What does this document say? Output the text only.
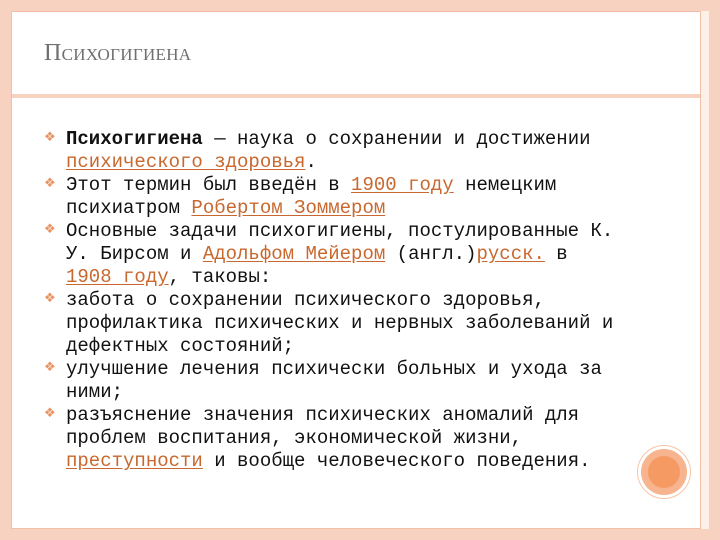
Психогигиена
❖ Психогигиена — наука о сохранении и достижении психического здоровья.
❖ Этот термин был введён в 1900 году немецким психиатром Робертом Зоммером
❖ Основные задачи психогигиены, постулированные К. У. Бирсом и Адольфом Мейером (англ.)русск. в 1908 году, таковы:
❖ забота о сохранении психического здоровья, профилактика психических и нервных заболеваний и дефектных состояний;
❖ улучшение лечения психически больных и ухода за ними;
❖ разъяснение значения психических аномалий для проблем воспитания, экономической жизни, преступности и вообще человеческого поведения.
